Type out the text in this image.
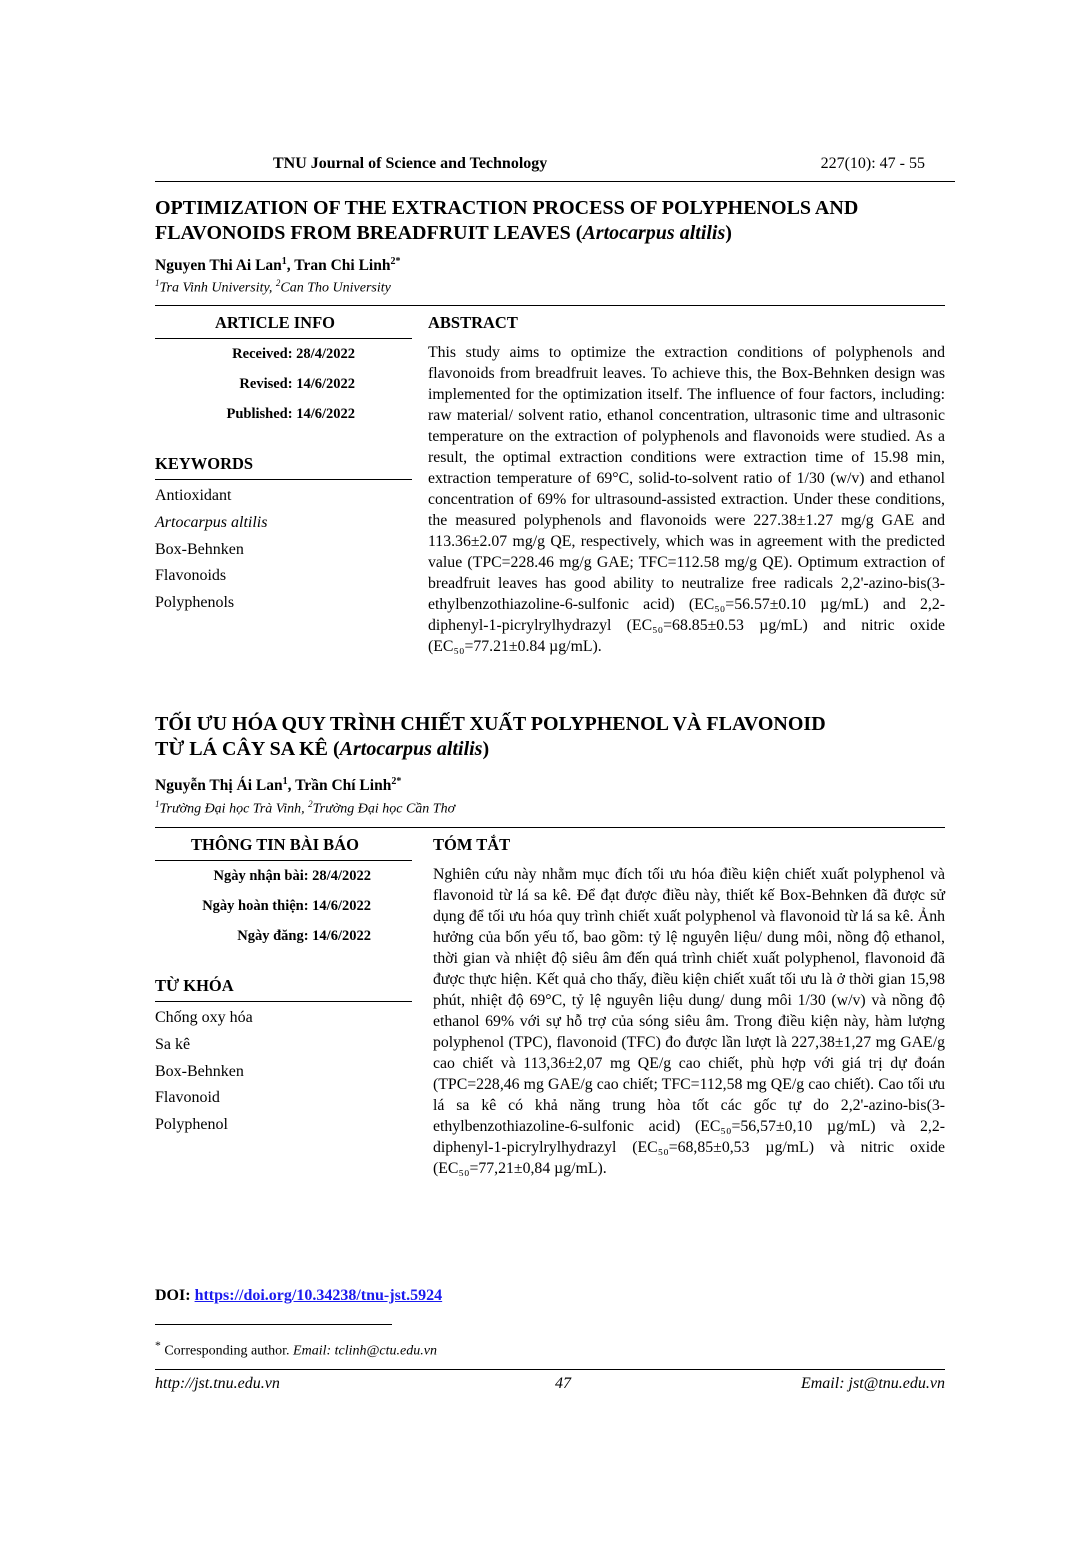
TNU Journal of Science and Technology	227(10): 47 - 55
OPTIMIZATION OF THE EXTRACTION PROCESS OF POLYPHENOLS AND
FLAVONOIDS FROM BREADFRUIT LEAVES (Artocarpus altilis)
Nguyen Thi Ai Lan$^1$, Tran Chi Linh$^{2*}$
$^1$Tra Vinh University, $^2$Can Tho University
ARTICLE INFO	ABSTRACT
Received: 28/4/2022
Revised: 14/6/2022
Published: 14/6/2022
KEYWORDS
Antioxidant
Artocarpus altilis
Box-Behnken
Flavonoids
Polyphenols

This study aims to optimize the extraction conditions of polyphenols and flavonoids from breadfruit leaves. To achieve this, the Box-Behnken design was implemented for the optimization itself. The influence of four factors, including: raw material/ solvent ratio, ethanol concentration, ultrasonic time and ultrasonic temperature on the extraction of polyphenols and flavonoids were studied. As a result, the optimal extraction conditions were extraction time of 15.98 min, extraction temperature of 69°C, solid-to-solvent ratio of 1/30 (w/v) and ethanol concentration of 69% for ultrasound-assisted extraction. Under these conditions, the measured polyphenols and flavonoids were 227.38±1.27 mg/g GAE and 113.36±2.07 mg/g QE, respectively, which was in agreement with the predicted value (TPC=228.46 mg/g GAE; TFC=112.58 mg/g QE). Optimum extraction of breadfruit leaves has good ability to neutralize free radicals 2,2'-azino-bis(3-ethylbenzothiazoline-6-sulfonic acid) (EC₅₀=56.57±0.10 µg/mL) and 2,2-diphenyl-1-picrylrylhydrazyl (EC₅₀=68.85±0.53 µg/mL) and nitric oxide (EC₅₀=77.21±0.84 µg/mL).

TỐI ƯU HÓA QUY TRÌNH CHIẾT XUẤT POLYPHENOL VÀ FLAVONOID
TỪ LÁ CÂY SA KÊ (Artocarpus altilis)
Nguyễn Thị Ái Lan$^1$, Trần Chí Linh$^{2*}$
$^1$Trường Đại học Trà Vinh, $^2$Trường Đại học Cần Thơ
THÔNG TIN BÀI BÁO	TÓM TẮT
Ngày nhận bài: 28/4/2022
Ngày hoàn thiện: 14/6/2022
Ngày đăng: 14/6/2022
TỪ KHÓA
Chống oxy hóa
Sa kê
Box-Behnken
Flavonoid
Polyphenol

Nghiên cứu này nhằm mục đích tối ưu hóa điều kiện chiết xuất polyphenol và flavonoid từ lá sa kê. Để đạt được điều này, thiết kế Box-Behnken đã được sử dụng để tối ưu hóa quy trình chiết xuất polyphenol và flavonoid từ lá sa kê. Ảnh hưởng của bốn yếu tố, bao gồm: tỷ lệ nguyên liệu/ dung môi, nồng độ ethanol, thời gian và nhiệt độ siêu âm đến quá trình chiết xuất polyphenol, flavonoid đã được thực hiện. Kết quả cho thấy, điều kiện chiết xuất tối ưu là ở thời gian 15,98 phút, nhiệt độ 69°C, tỷ lệ nguyên liệu dung/ dung môi 1/30 (w/v) và nồng độ ethanol 69% với sự hỗ trợ của sóng siêu âm. Trong điều kiện này, hàm lượng polyphenol (TPC), flavonoid (TFC) đo được lần lượt là 227,38±1,27 mg GAE/g cao chiết và 113,36±2,07 mg QE/g cao chiết, phù hợp với giá trị dự đoán (TPC=228,46 mg GAE/g cao chiết; TFC=112,58 mg QE/g cao chiết). Cao tối ưu lá sa kê có khả năng trung hòa tốt các gốc tự do 2,2'-azino-bis(3-ethylbenzothiazoline-6-sulfonic acid) (EC₅₀=56,57±0,10 µg/mL) và 2,2-diphenyl-1-picrylrylhydrazyl (EC₅₀=68,85±0,53 µg/mL) và nitric oxide (EC₅₀=77,21±0,84 µg/mL).

DOI: https://doi.org/10.34238/tnu-jst.5924
* Corresponding author. Email: tclinh@ctu.edu.vn
http://jst.tnu.edu.vn	47	Email: jst@tnu.edu.vn
